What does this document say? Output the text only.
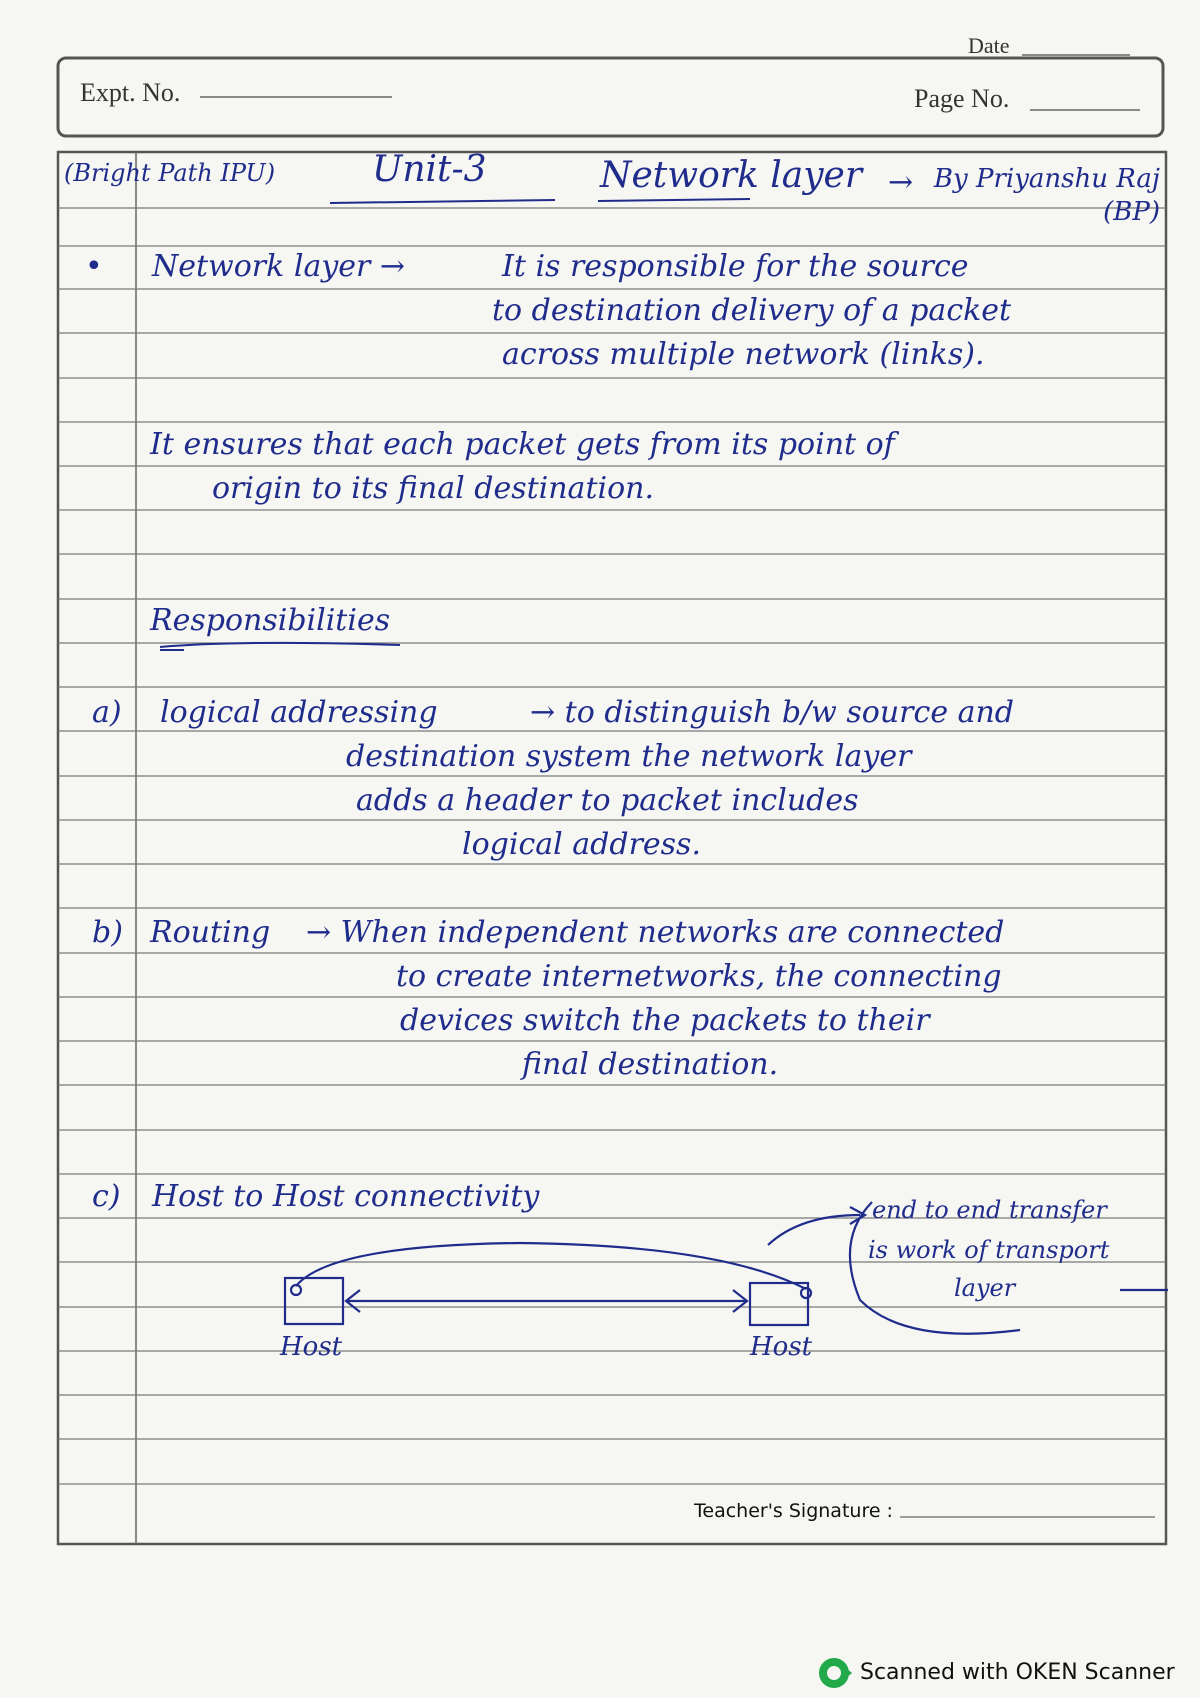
Date
Expt. No.	Page No.
(Bright Path IPU)	Unit-3	Network layer → By Priyanshu Raj (BP)
• Network layer →	It is responsible for the source
to destination delivery of a packet
across multiple network (links).
It ensures that each packet gets from its point of
origin to its final destination.
Responsibilities
a) logical addressing	→ to distinguish b/w source and
destination system the network layer
adds a header to packet includes
logical address.
b) Routing → When independent networks are connected
to create internetworks, the connecting
devices switch the packets to their
final destination.
c) Host to Host connectivity
Host	Host
end to end transfer
is work of transport
layer
Teacher's Signature :
Scanned with OKEN Scanner
